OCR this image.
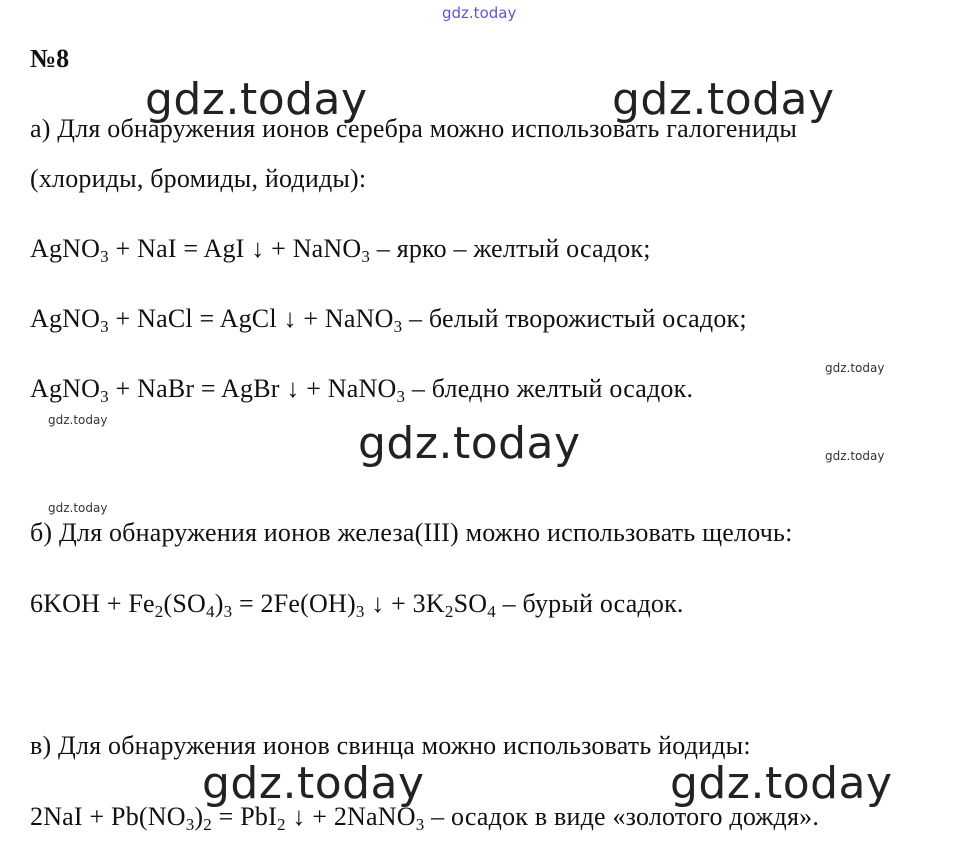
gdz.today
№8
gdz.today	gdz.today
а) Для обнаружения ионов серебра можно использовать галогениды
(хлориды, бромиды, йодиды):
AgNO$_3$ + NaI = AgI ↓ + NaNO$_3$ – ярко – желтый осадок;
AgNO$_3$ + NaCl = AgCl ↓ + NaNO$_3$ – белый творожистый осадок;
gdz.today
AgNO$_3$ + NaBr = AgBr ↓ + NaNO$_3$ – бледно желтый осадок.
gdz.today	gdz.today	gdz.today
gdz.today
б) Для обнаружения ионов железа(III) можно использовать щелочь:
$6KOH + Fe_2(SO_4)_3 = 2Fe(OH)_3$ ↓ + $3K_2SO_4$ – бурый осадок.
в) Для обнаружения ионов свинца можно использовать йодиды:
gdz.today	gdz.today
$2NaI + Pb(NO_3)_2 = PbI_2$ ↓ + 2NaNO$_3$ – осадок в виде «золотого дождя».
